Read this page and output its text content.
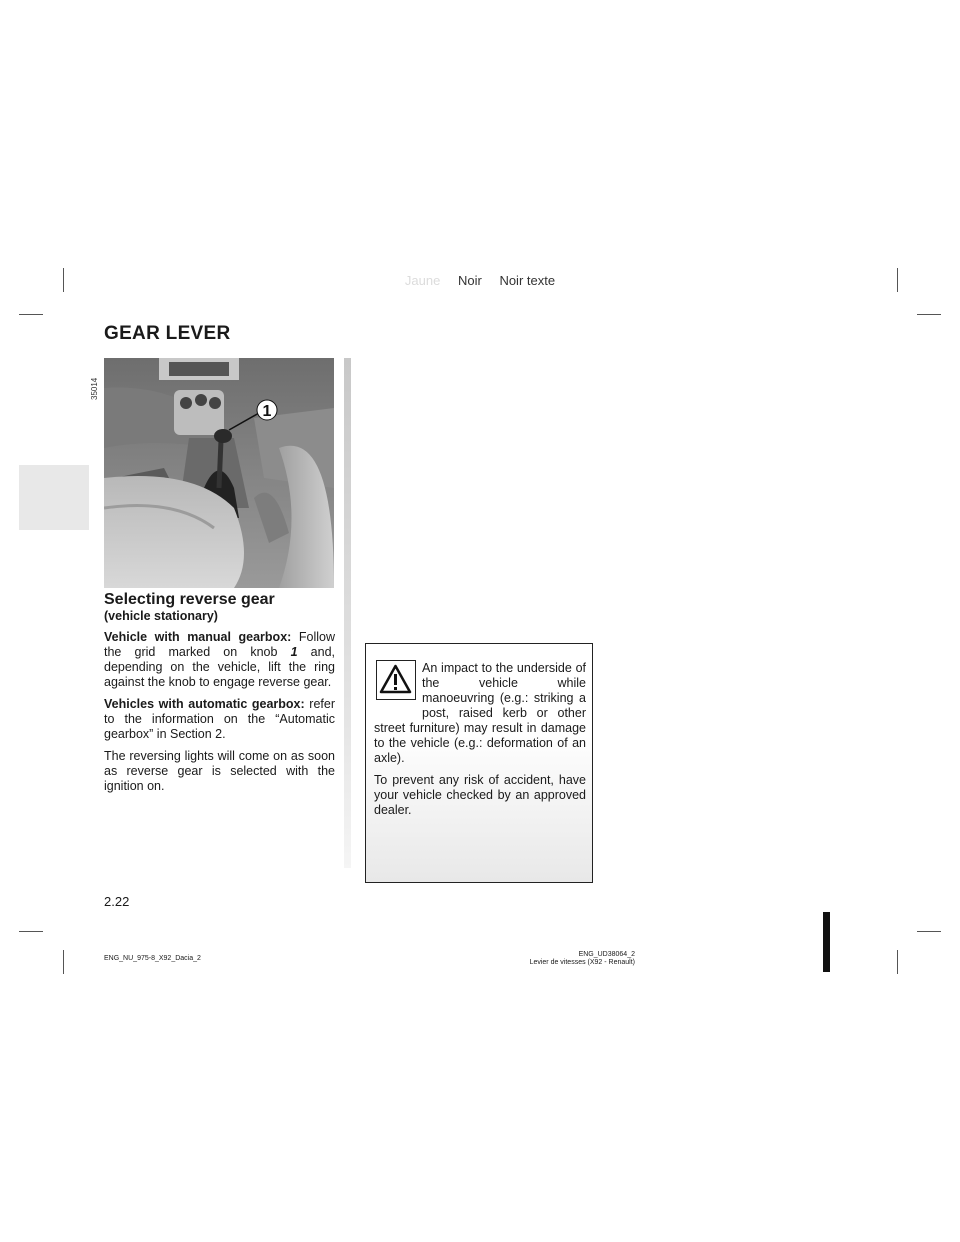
Jaune Noir Noir texte
GEAR LEVER
35014
1

Selecting reverse gear

(vehicle stationary)

Vehicle with manual gearbox: Follow the grid marked on knob 1 and, depending on the vehicle, lift the ring against the knob to engage reverse gear.

Vehicles with automatic gearbox: refer to the information on the “Automatic gearbox” in Section 2.

The reversing lights will come on as soon as reverse gear is selected with the ignition on.

An impact to the underside of the vehicle while manoeuvring (e.g.: striking a post, raised kerb or other street furniture) may result in damage to the vehicle (e.g.: deformation of an axle).

To prevent any risk of accident, have your vehicle checked by an approved dealer.

2.22
ENG_NU_975-8_X92_Dacia_2
ENG_UD38064_2
Levier de vitesses (X92 - Renault)
